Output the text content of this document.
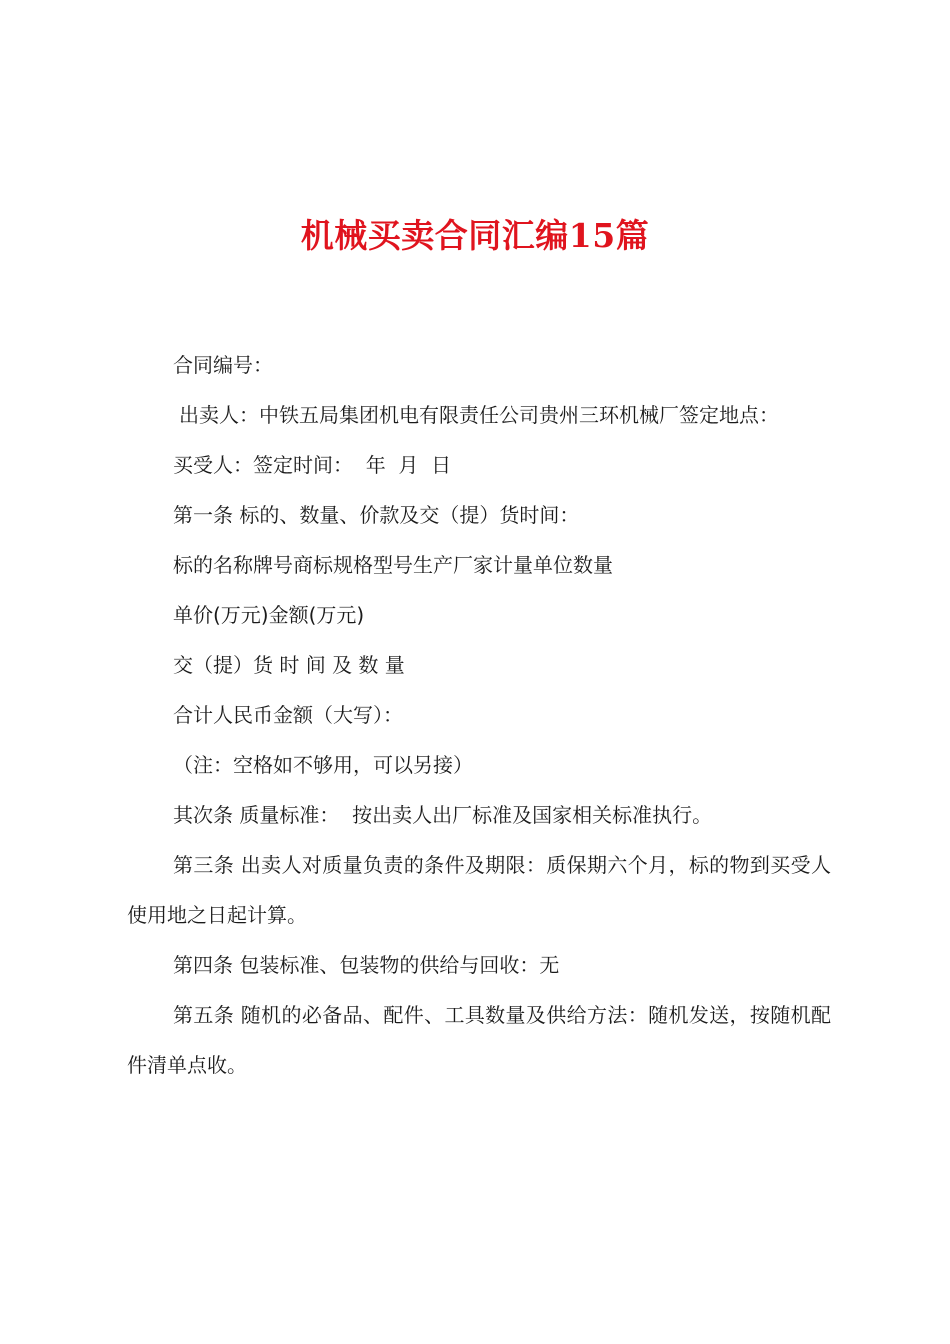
机械买卖合同汇编15篇

合同编号：

出卖人：中铁五局集团机电有限责任公司贵州三环机械厂签定地点：

买受人：签定时间：  年  月  日

第一条 标的、数量、价款及交（提）货时间：

标的名称牌号商标规格型号生产厂家计量单位数量

单价(万元)金额(万元)

交（提）货 时 间 及 数 量

合计人民币金额（大写）：

（注：空格如不够用，可以另接）

其次条 质量标准：  按出卖人出厂标准及国家相关标准执行。

第三条 出卖人对质量负责的条件及期限：质保期六个月，标的物到买受人使用地之日起计算。

第四条 包装标准、包装物的供给与回收：无

第五条 随机的必备品、配件、工具数量及供给方法：随机发送，按随机配件清单点收。
